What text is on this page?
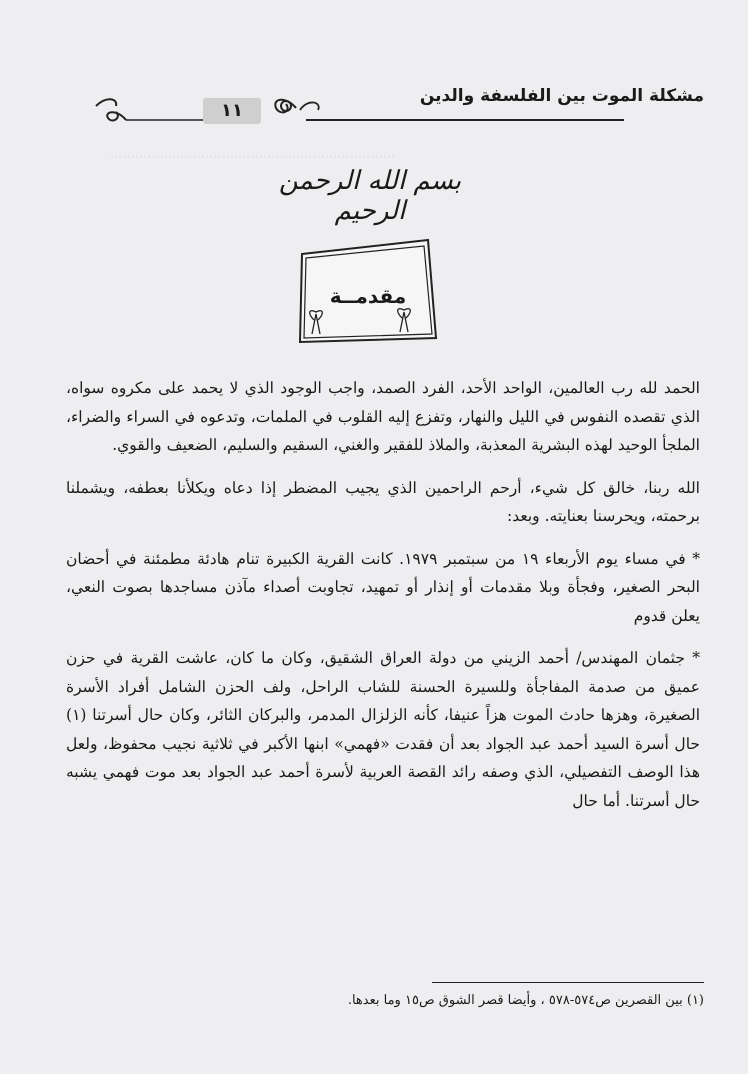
مشكلة الموت بين الفلسفة والدين
١١
·····································································
بسم الله الرحمن الرحيم
مقدمــة

الحمد لله رب العالمين، الواحد الأحد، الفرد الصمد، واجب الوجود الذي لا يحمد على مكروه سواه، الذي تقصده النفوس في الليل والنهار، وتفزع إليه القلوب في الملمات، وتدعوه في السراء والضراء، الملجأ الوحيد لهذه البشرية المعذبة، والملاذ للفقير والغني، السقيم والسليم، الضعيف والقوي.

الله ربنا، خالق كل شيء، أرحم الراحمين الذي يجيب المضطر إذا دعاه ويكلأنا بعطفه، ويشملنا برحمته، ويحرسنا بعنايته. وبعد:

* في مساء يوم الأربعاء ١٩ من سبتمبر ١٩٧٩. كانت القرية الكبيرة تنام هادئة مطمئنة في أحضان البحر الصغير، وفجأة وبلا مقدمات أو إنذار أو تمهيد، تجاوبت أصداء مآذن مساجدها بصوت النعي، يعلن قدوم

* جثمان المهندس/ أحمد الزيني من دولة العراق الشقيق، وكان ما كان، عاشت القرية في حزن عميق من صدمة المفاجأة وللسيرة الحسنة للشاب الراحل، ولف الحزن الشامل أفراد الأسرة الصغيرة، وهزها حادث الموت هزاً عنيفا، كأنه الزلزال المدمر، والبركان الثائر، وكان حال أسرتنا (١) حال أسرة السيد أحمد عبد الجواد بعد أن فقدت «فهمي» ابنها الأكبر في ثلاثية نجيب محفوظ، ولعل هذا الوصف التفصيلي، الذي وصفه رائد القصة العربية لأسرة أحمد عبد الجواد بعد موت فهمي يشبه حال أسرتنا. أما حال

(١) بين القصرين ص٥٧٤-٥٧٨ ، وأيضا قصر الشوق ص١٥ وما بعدها.
